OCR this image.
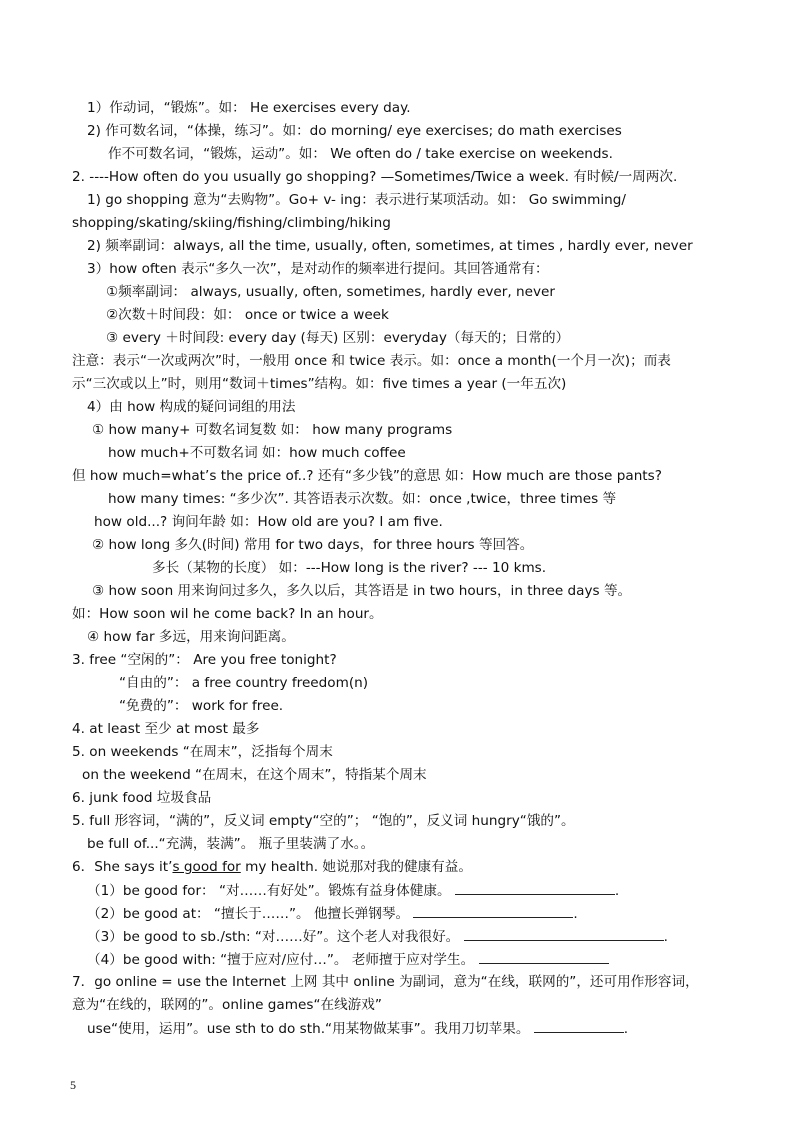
1）作动词，“锻炼”。如： He exercises every day.
2) 作可数名词，“体操，练习”。如：do morning/ eye exercises; do math exercises
作不可数名词，“锻炼，运动”。如： We often do / take exercise on weekends.
2. ----How often do you usually go shopping? —Sometimes/Twice a week. 有时候/一周两次.
1) go shopping 意为“去购物”。Go+ v- ing：表示进行某项活动。如： Go swimming/
shopping/skating/skiing/fishing/climbing/hiking
2) 频率副词：always, all the time, usually, often, sometimes, at times , hardly ever, never
3）how often 表示“多久一次”，是对动作的频率进行提问。其回答通常有：
①频率副词： always, usually, often, sometimes, hardly ever, never
②次数＋时间段：如： once or twice a week
③ every ＋时间段: every day (每天) 区别：everyday（每天的；日常的）
注意：表示“一次或两次”时，一般用 once 和 twice 表示。如：once a month(一个月一次)；而表
示“三次或以上”时，则用“数词＋times”结构。如：five times a year (一年五次)
4）由 how 构成的疑问词组的用法
① how many+ 可数名词复数 如： how many programs
how much+不可数名词 如：how much coffee
但 how much=what’s the price of..? 还有“多少钱”的意思 如：How much are those pants?
how many times: “多少次”. 其答语表示次数。如：once ,twice，three times 等
how old...? 询问年龄 如：How old are you? I am five.
② how long 多久(时间) 常用 for two days，for three hours 等回答。
多长（某物的长度） 如：---How long is the river? --- 10 kms.
③ how soon 用来询问过多久，多久以后，其答语是 in two hours，in three days 等。
如：How soon wil he come back? In an hour。
④ how far 多远，用来询问距离。
3. free “空闲的”： Are you free tonight?
“自由的”： a free country freedom(n)
“免费的”： work for free.
4. at least 至少 at most 最多
5. on weekends “在周末”，泛指每个周末
on the weekend “在周末，在这个周末”，特指某个周末
6. junk food 垃圾食品
5. full 形容词，“满的”，反义词 empty“空的”； “饱的”，反义词 hungry“饿的”。
be full of...“充满，装满”。 瓶子里装满了水。。
6．She says it’s good for my health. 她说那对我的健康有益。
（1）be good for： “对……有好处”。锻炼有益身体健康。	.
（2）be good at： “擅长于……”。 他擅长弹钢琴。	.
（3）be good to sb./sth: “对……好”。这个老人对我很好。	.
（4）be good with: “擅于应对/应付…”。 老师擅于应对学生。
7．go online = use the Internet 上网 其中 online 为副词，意为“在线，联网的”，还可用作形容词，
意为“在线的，联网的”。online games“在线游戏”
use“使用，运用”。use sth to do sth.“用某物做某事”。我用刀切苹果。	.
5
